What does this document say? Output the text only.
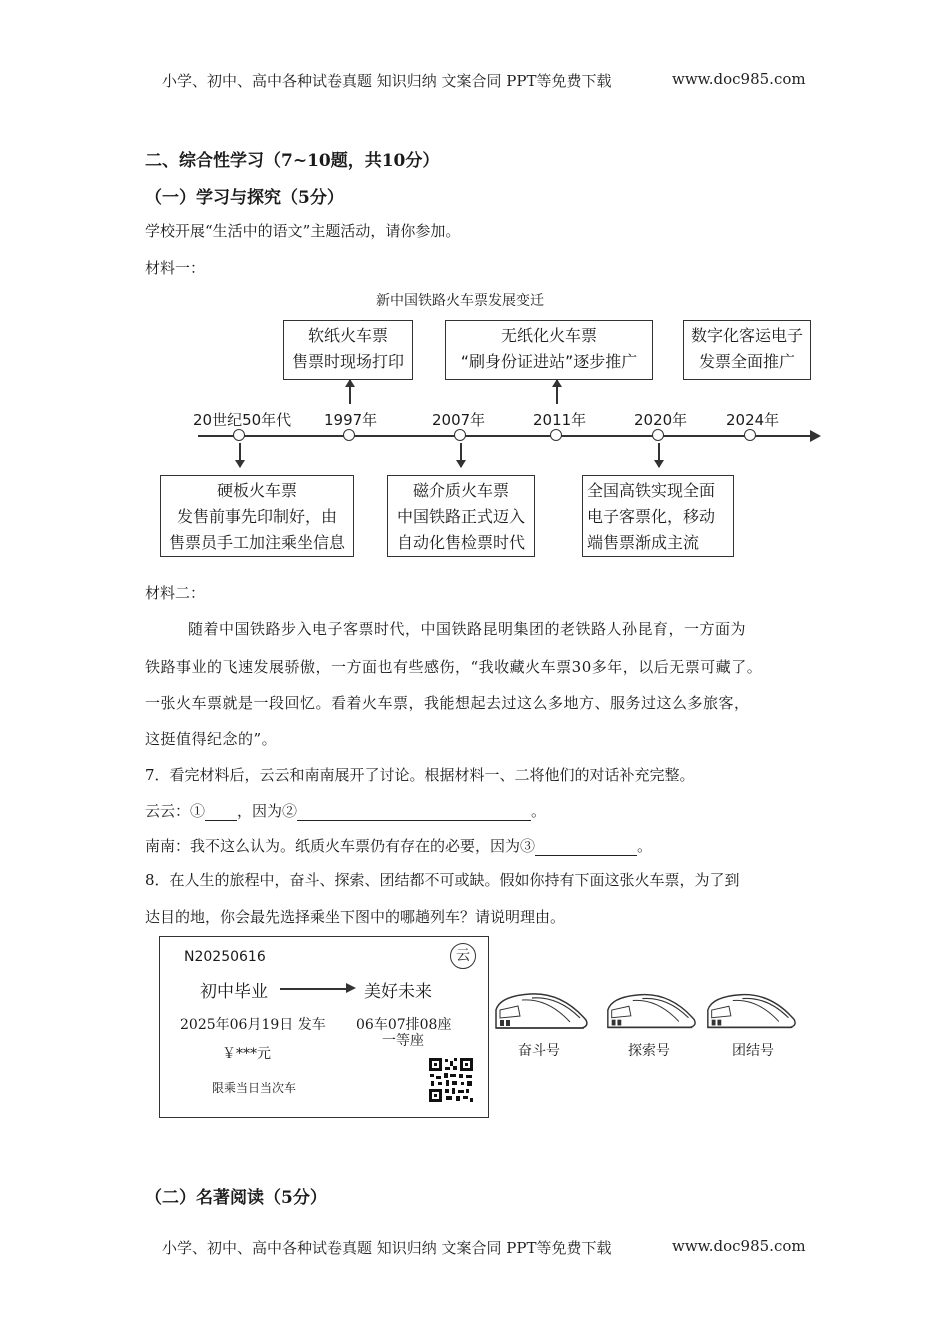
小学、初中、高中各种试卷真题 知识归纳 文案合同 PPT等免费下载	www.doc985.com
二、综合性学习（7~10题，共10分）
（一）学习与探究（5分）
学校开展“生活中的语文”主题活动，请你参加。
材料一：
新中国铁路火车票发展变迁
软纸火车票
售票时现场打印
无纸化火车票
“刷身份证进站”逐步推广
数字化客运电子
发票全面推广
20世纪50年代 1997年	2007年	2011年	2020年	2024年
硬板火车票
发售前事先印制好，由
售票员手工加注乘坐信息
磁介质火车票
中国铁路正式迈入
自动化售检票时代
全国高铁实现全面
电子客票化，移动
端售票渐成主流
材料二：
随着中国铁路步入电子客票时代，中国铁路昆明集团的老铁路人孙昆育，一方面为
铁路事业的飞速发展骄傲，一方面也有些感伤，“我收藏火车票30多年，以后无票可藏了。
一张火车票就是一段回忆。看着火车票，我能想起去过这么多地方、服务过这么多旅客，
这挺值得纪念的”。
7．看完材料后，云云和南南展开了讨论。根据材料一、二将他们的对话补充完整。
云云：① ，因为②	。
南南：我不这么认为。纸质火车票仍有存在的必要，因为③	。
8．在人生的旅程中，奋斗、探索、团结都不可或缺。假如你持有下面这张火车票，为了到
达目的地，你会最先选择乘坐下图中的哪趟列车？请说明理由。
N20250616	云
初中毕业	美好未来
2025年06月19日 发车 06车07排08座
一等座
￥***元
限乘当日当次车
奋斗号	探索号	团结号
（二）名著阅读（5分）
小学、初中、高中各种试卷真题 知识归纳 文案合同 PPT等免费下载	www.doc985.com
